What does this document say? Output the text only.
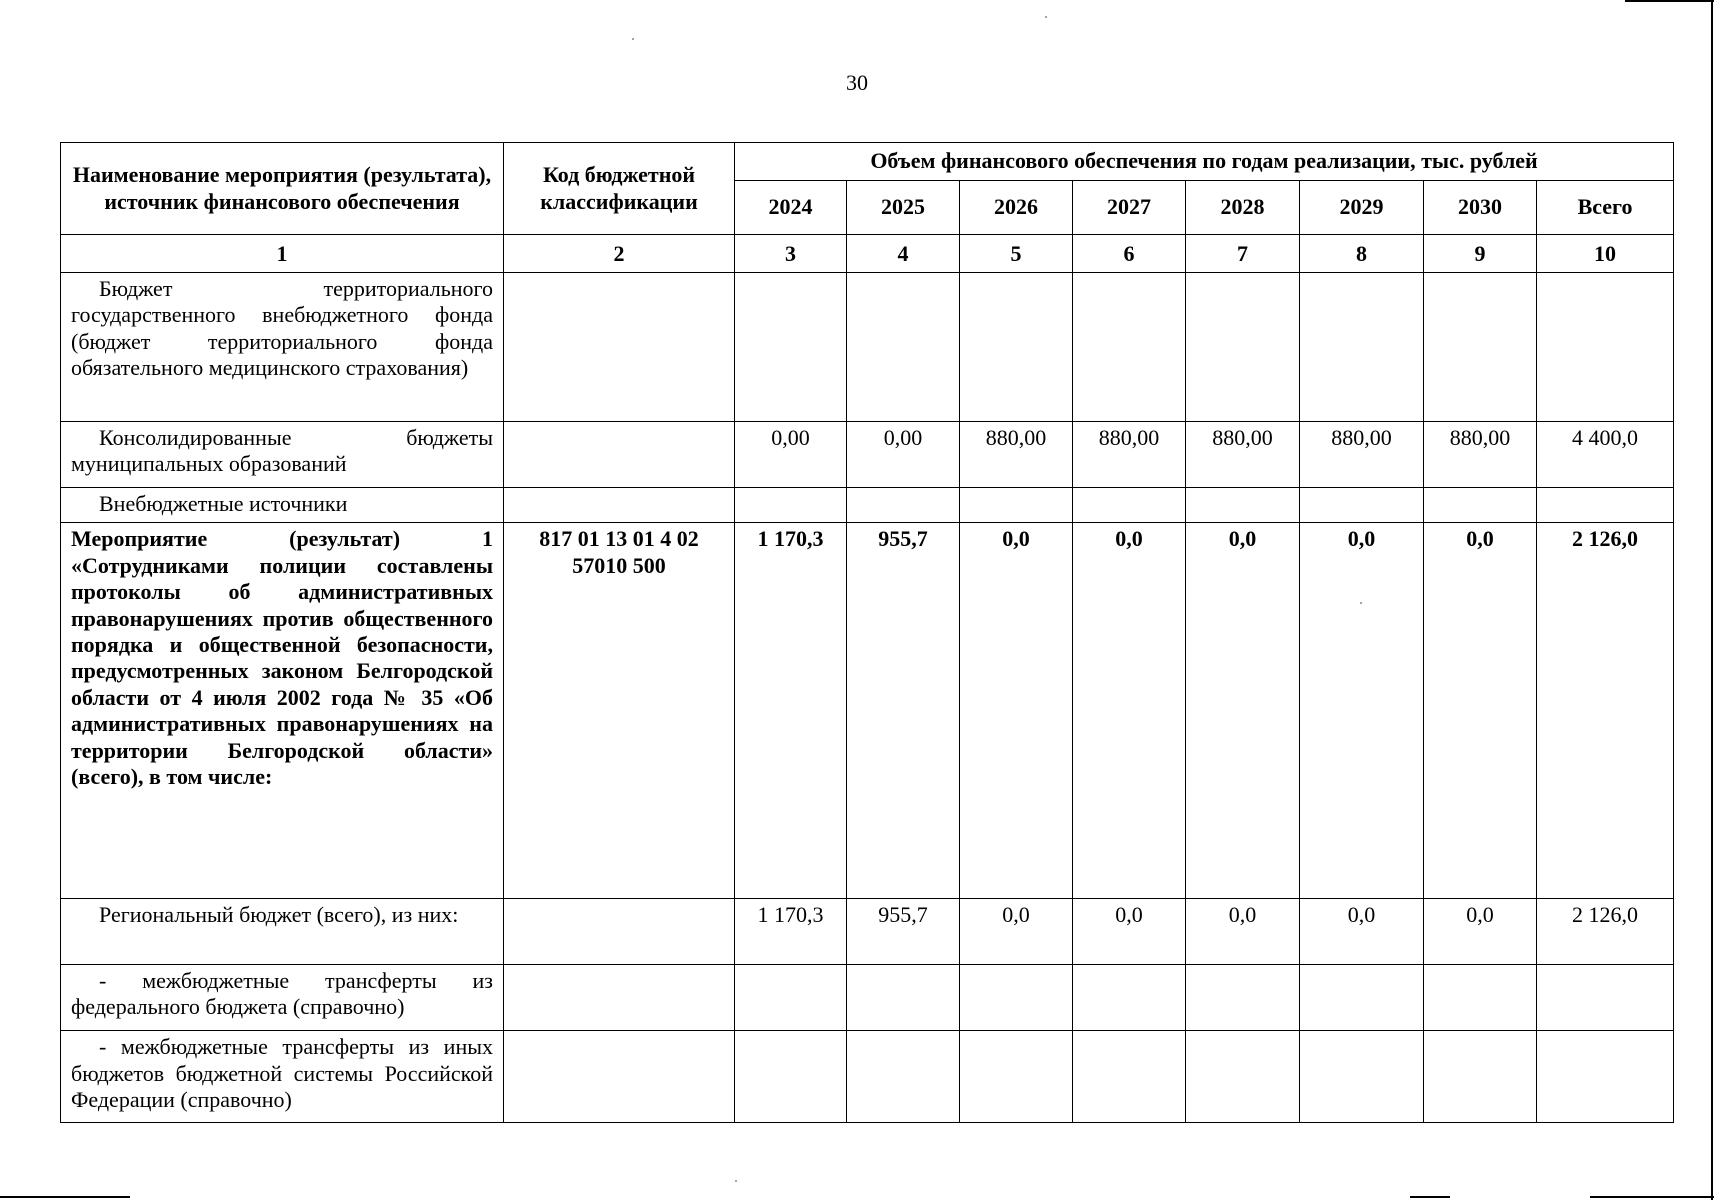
30
Наименование мероприятия (результата), источник финансового обеспечения	Код бюджетной классификации	Объем финансового обеспечения по годам реализации, тыс. рублей							
		2024	2025	2026	2027	2028	2029	2030	Всего
1	2	3	4	5	6	7	8	9	10
Бюджет территориального государственного внебюджетного фонда (бюджет территориального фонда обязательного медицинского страхования)									
Консолидированные бюджеты муниципальных образований		0,00	0,00	880,00	880,00	880,00	880,00	880,00	4 400,0
Внебюджетные источники									
Мероприятие (результат) 1 «Сотрудниками полиции составлены протоколы об административных правонарушениях против общественного порядка и общественной безопасности, предусмотренных законом Белгородской области от 4 июля 2002 года № 35 «Об административных правонарушениях на территории Белгородской области» (всего), в том числе:	817 01 13 01 4 02 57010 500	1 170,3	955,7	0,0	0,0	0,0	0,0	0,0	2 126,0
Региональный бюджет (всего), из них:		1 170,3	955,7	0,0	0,0	0,0	0,0	0,0	2 126,0
- межбюджетные трансферты из федерального бюджета (справочно)									
- межбюджетные трансферты из иных бюджетов бюджетной системы Российской Федерации (справочно)									
